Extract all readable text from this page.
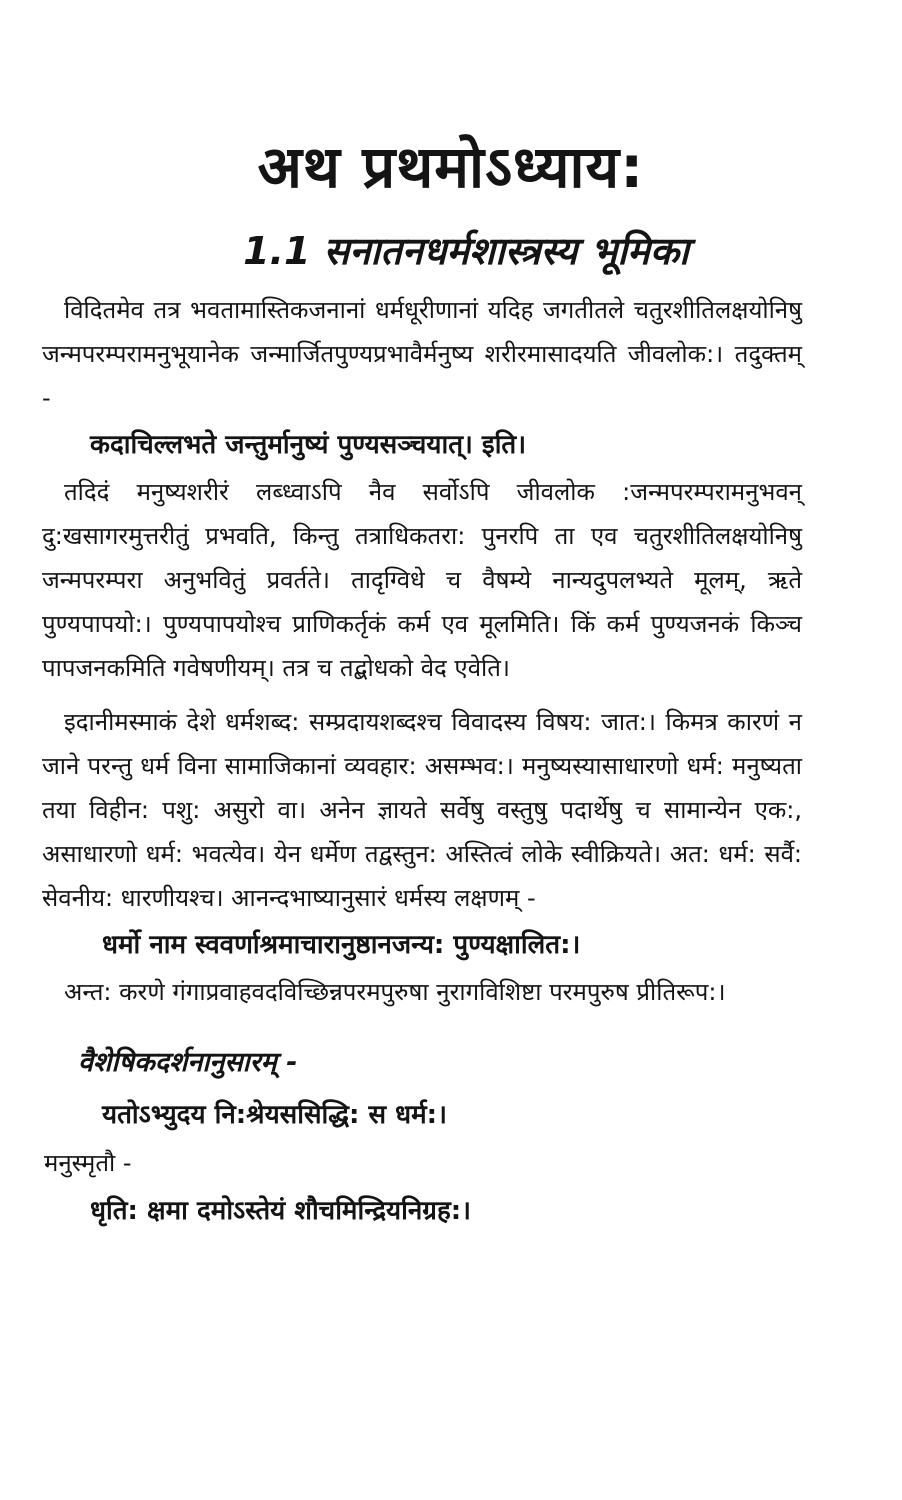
अथ प्रथमोऽध्याय:
1.1 सनातनधर्मशास्त्रस्य भूमिका

विदितमेव तत्र भवतामास्तिकजनानां धर्मधूरीणानां यदिह जगतीतले चतुरशीतिलक्षयोनिषु जन्मपरम्परामनुभूयानेक जन्मार्जितपुण्यप्रभावैर्मनुष्य शरीरमासादयति जीवलोक:। तदुक्तम् -

कदाचिल्लभते जन्तुर्मानुष्यं पुण्यसञ्चयात्। इति।

तदिदं मनुष्यशरीरं लब्ध्वाऽपि नैव सर्वोऽपि जीवलोक :जन्मपरम्परामनुभवन् दु:खसागरमुत्तरीतुं प्रभवति, किन्तु तत्राधिकतरा: पुनरपि ता एव चतुरशीतिलक्षयोनिषु जन्मपरम्परा अनुभवितुं प्रवर्तते। तादृग्विधे च वैषम्ये नान्यदुपलभ्यते मूलम्, ऋते पुण्यपापयो:। पुण्यपापयोश्च प्राणिकर्तृकं कर्म एव मूलमिति। किं कर्म पुण्यजनकं किञ्च पापजनकमिति गवेषणीयम्। तत्र च तद्बोधको वेद एवेति।

इदानीमस्माकं देशे धर्मशब्द: सम्प्रदायशब्दश्च विवादस्य विषय: जात:। किमत्र कारणं न जाने परन्तु धर्म विना सामाजिकानां व्यवहार: असम्भव:। मनुष्यस्यासाधारणो धर्म: मनुष्यता तया विहीन: पशु: असुरो वा। अनेन ज्ञायते सर्वेषु वस्तुषु पदार्थेषु च सामान्येन एक:, असाधारणो धर्म: भवत्येव। येन धर्मेण तद्वस्तुन: अस्तित्वं लोके स्वीक्रियते। अत: धर्म: सर्वै: सेवनीय: धारणीयश्च। आनन्दभाष्यानुसारं धर्मस्य लक्षणम् -

धर्मो नाम स्ववर्णाश्रमाचारानुष्ठानजन्य: पुण्यक्षालित:।

अन्त: करणे गंगाप्रवाहवदविच्छिन्नपरमपुरुषा नुरागविशिष्टा परमपुरुष प्रीतिरूप:।

वैशेषिकदर्शनानुसारम् -

यतोऽभ्युदय नि:श्रेयससिद्धि: स धर्म:।

मनुस्मृतौ -

धृति: क्षमा दमोऽस्तेयं शौचमिन्द्रियनिग्रह:।
